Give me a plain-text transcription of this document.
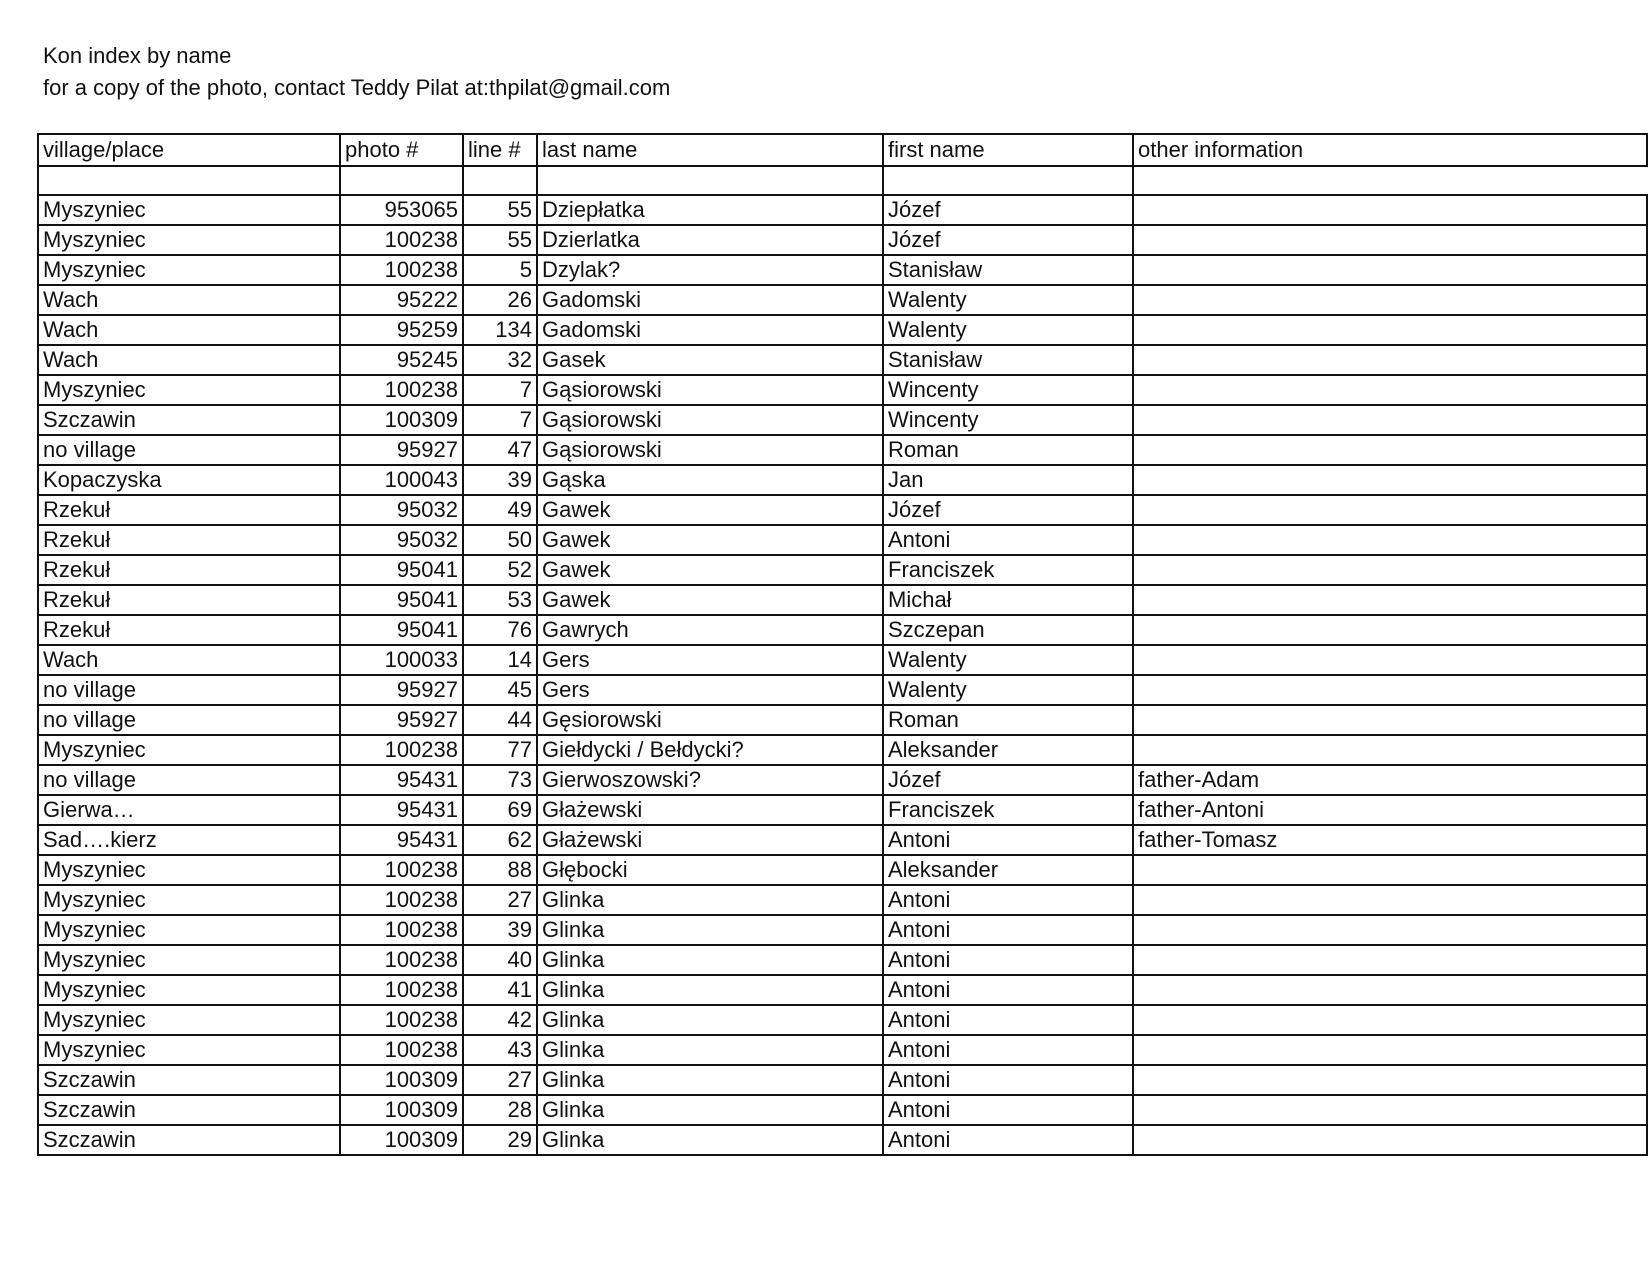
Kon index by name
for a copy of the photo, contact Teddy Pilat at:thpilat@gmail.com
village/place	photo #	line #	last name	first name	other information

Myszyniec	953065	55	Dziepłatka	Józef	
Myszyniec	100238	55	Dzierlatka	Józef	
Myszyniec	100238	5	Dzylak?	Stanisław	
Wach	95222	26	Gadomski	Walenty	
Wach	95259	134	Gadomski	Walenty	
Wach	95245	32	Gasek	Stanisław	
Myszyniec	100238	7	Gąsiorowski	Wincenty	
Szczawin	100309	7	Gąsiorowski	Wincenty	
no village	95927	47	Gąsiorowski	Roman	
Kopaczyska	100043	39	Gąska	Jan	
Rzekuł	95032	49	Gawek	Józef	
Rzekuł	95032	50	Gawek	Antoni	
Rzekuł	95041	52	Gawek	Franciszek	
Rzekuł	95041	53	Gawek	Michał	
Rzekuł	95041	76	Gawrych	Szczepan	
Wach	100033	14	Gers	Walenty	
no village	95927	45	Gers	Walenty	
no village	95927	44	Gęsiorowski	Roman	
Myszyniec	100238	77	Giełdycki / Bełdycki?	Aleksander	
no village	95431	73	Gierwoszowski?	Józef	father-Adam
Gierwa…	95431	69	Głażewski	Franciszek	father-Antoni
Sad….kierz	95431	62	Głażewski	Antoni	father-Tomasz
Myszyniec	100238	88	Głębocki	Aleksander	
Myszyniec	100238	27	Glinka	Antoni	
Myszyniec	100238	39	Glinka	Antoni	
Myszyniec	100238	40	Glinka	Antoni	
Myszyniec	100238	41	Glinka	Antoni	
Myszyniec	100238	42	Glinka	Antoni	
Myszyniec	100238	43	Glinka	Antoni	
Szczawin	100309	27	Glinka	Antoni	
Szczawin	100309	28	Glinka	Antoni	
Szczawin	100309	29	Glinka	Antoni	
